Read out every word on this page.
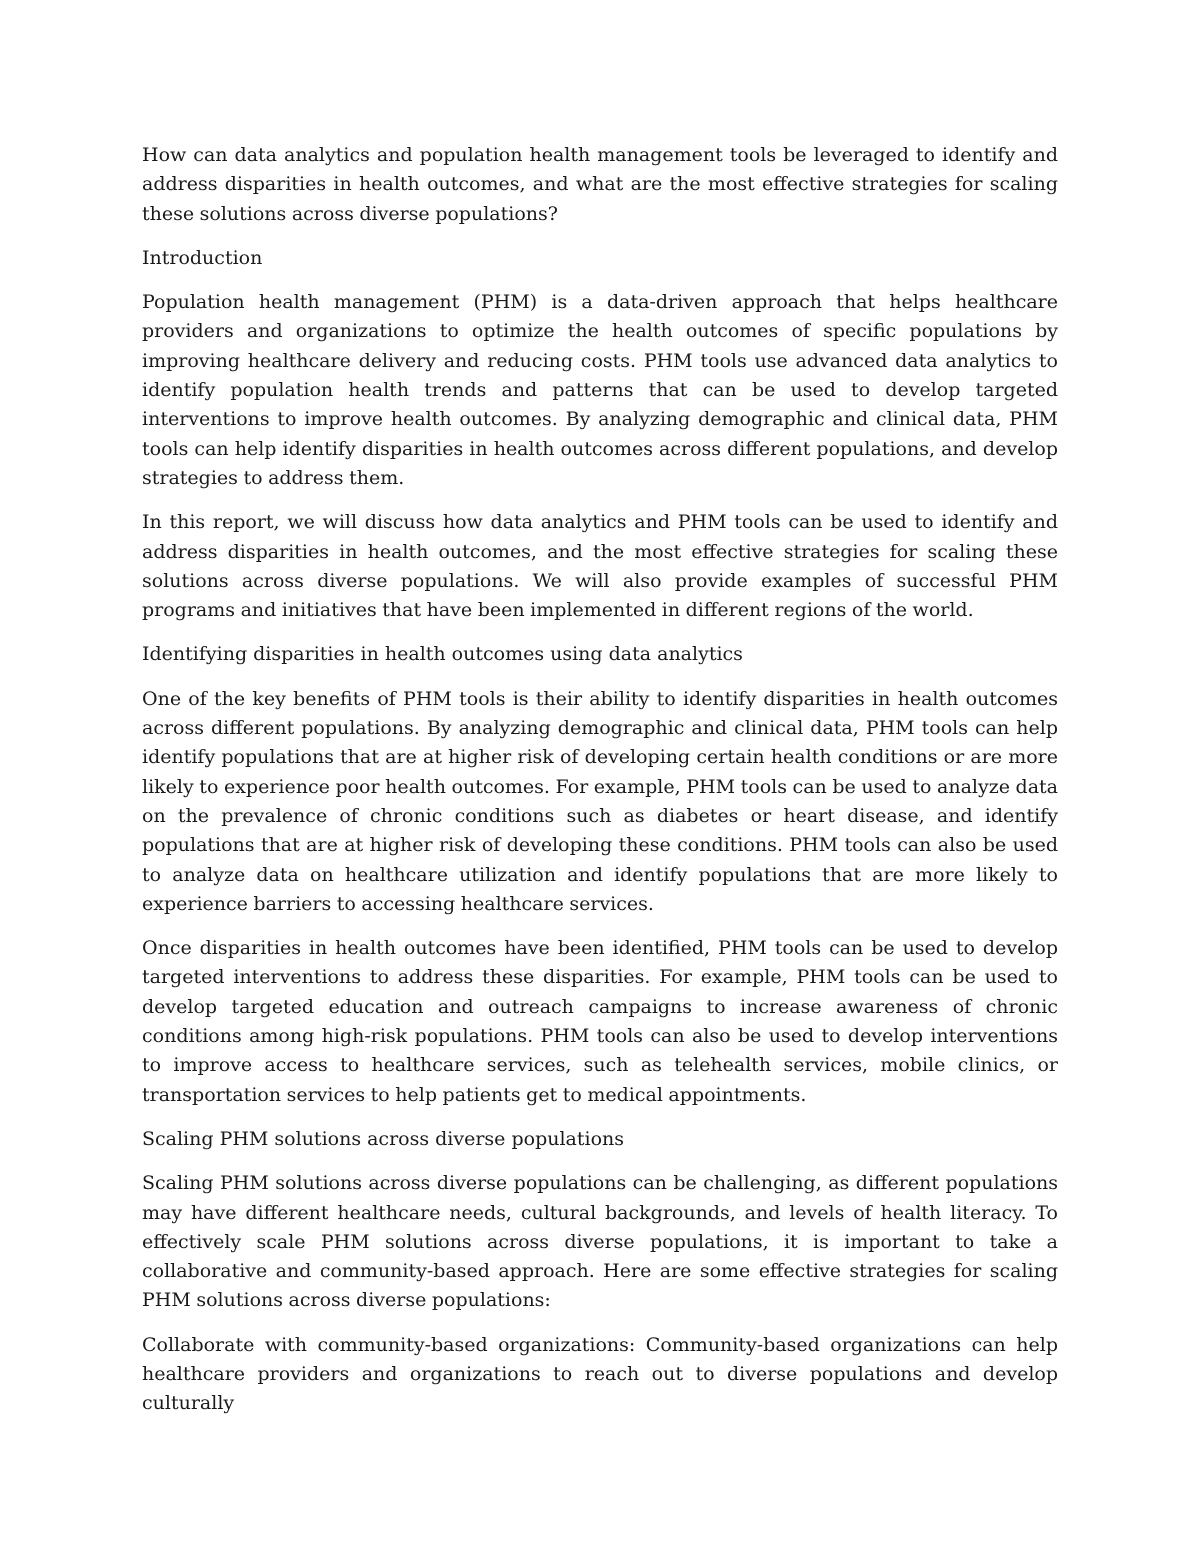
How can data analytics and population health management tools be leveraged to identify and address disparities in health outcomes, and what are the most effective strategies for scaling these solutions across diverse populations?

Introduction

Population health management (PHM) is a data-driven approach that helps healthcare providers and organizations to optimize the health outcomes of specific populations by improving healthcare delivery and reducing costs. PHM tools use advanced data analytics to identify population health trends and patterns that can be used to develop targeted interventions to improve health outcomes. By analyzing demographic and clinical data, PHM tools can help identify disparities in health outcomes across different populations, and develop strategies to address them.

In this report, we will discuss how data analytics and PHM tools can be used to identify and address disparities in health outcomes, and the most effective strategies for scaling these solutions across diverse populations. We will also provide examples of successful PHM programs and initiatives that have been implemented in different regions of the world.

Identifying disparities in health outcomes using data analytics

One of the key benefits of PHM tools is their ability to identify disparities in health outcomes across different populations. By analyzing demographic and clinical data, PHM tools can help identify populations that are at higher risk of developing certain health conditions or are more likely to experience poor health outcomes. For example, PHM tools can be used to analyze data on the prevalence of chronic conditions such as diabetes or heart disease, and identify populations that are at higher risk of developing these conditions. PHM tools can also be used to analyze data on healthcare utilization and identify populations that are more likely to experience barriers to accessing healthcare services.

Once disparities in health outcomes have been identified, PHM tools can be used to develop targeted interventions to address these disparities. For example, PHM tools can be used to develop targeted education and outreach campaigns to increase awareness of chronic conditions among high-risk populations. PHM tools can also be used to develop interventions to improve access to healthcare services, such as telehealth services, mobile clinics, or transportation services to help patients get to medical appointments.

Scaling PHM solutions across diverse populations

Scaling PHM solutions across diverse populations can be challenging, as different populations may have different healthcare needs, cultural backgrounds, and levels of health literacy. To effectively scale PHM solutions across diverse populations, it is important to take a collaborative and community-based approach. Here are some effective strategies for scaling PHM solutions across diverse populations:

Collaborate with community-based organizations: Community-based organizations can help healthcare providers and organizations to reach out to diverse populations and develop culturally
